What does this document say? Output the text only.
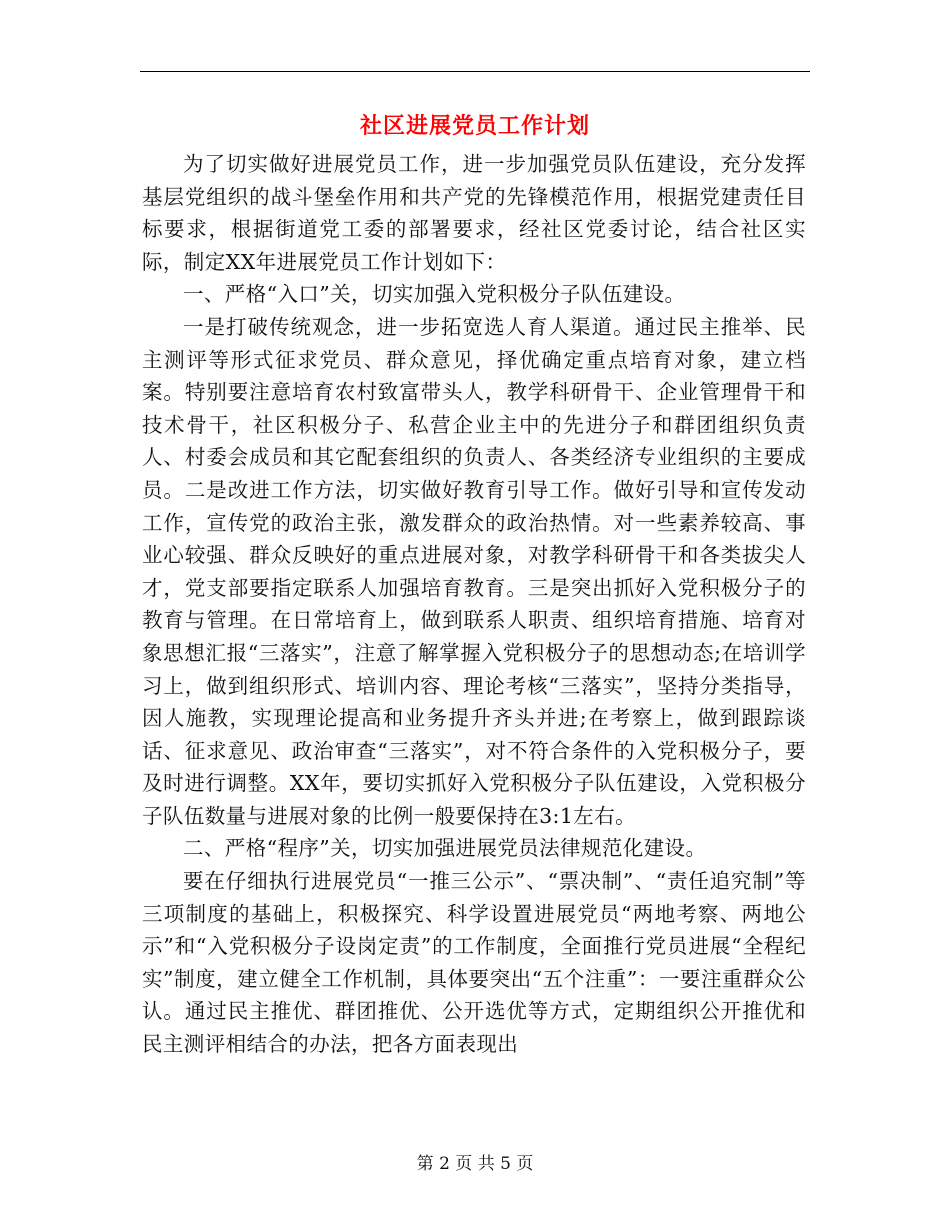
社区进展党员工作计划

为了切实做好进展党员工作，进一步加强党员队伍建设，充分发挥基层党组织的战斗堡垒作用和共产党的先锋模范作用，根据党建责任目标要求，根据街道党工委的部署要求，经社区党委讨论，结合社区实际，制定XX年进展党员工作计划如下：

一、严格“入口”关，切实加强入党积极分子队伍建设。

一是打破传统观念，进一步拓宽选人育人渠道。通过民主推举、民主测评等形式征求党员、群众意见，择优确定重点培育对象，建立档案。特别要注意培育农村致富带头人，教学科研骨干、企业管理骨干和技术骨干，社区积极分子、私营企业主中的先进分子和群团组织负责人、村委会成员和其它配套组织的负责人、各类经济专业组织的主要成员。二是改进工作方法，切实做好教育引导工作。做好引导和宣传发动工作，宣传党的政治主张，激发群众的政治热情。对一些素养较高、事业心较强、群众反映好的重点进展对象，对教学科研骨干和各类拔尖人才，党支部要指定联系人加强培育教育。三是突出抓好入党积极分子的教育与管理。在日常培育上，做到联系人职责、组织培育措施、培育对象思想汇报“三落实”，注意了解掌握入党积极分子的思想动态;在培训学习上，做到组织形式、培训内容、理论考核“三落实”，坚持分类指导，因人施教，实现理论提高和业务提升齐头并进;在考察上，做到跟踪谈话、征求意见、政治审查“三落实”，对不符合条件的入党积极分子，要及时进行调整。XX年，要切实抓好入党积极分子队伍建设，入党积极分子队伍数量与进展对象的比例一般要保持在3:1左右。

二、严格“程序”关，切实加强进展党员法律规范化建设。

要在仔细执行进展党员“一推三公示”、“票决制”、“责任追究制”等三项制度的基础上，积极探究、科学设置进展党员“两地考察、两地公示”和“入党积极分子设岗定责”的工作制度，全面推行党员进展“全程纪实”制度，建立健全工作机制，具体要突出“五个注重”：一要注重群众公认。通过民主推优、群团推优、公开选优等方式，定期组织公开推优和民主测评相结合的办法，把各方面表现出

第 2 页 共 5 页
